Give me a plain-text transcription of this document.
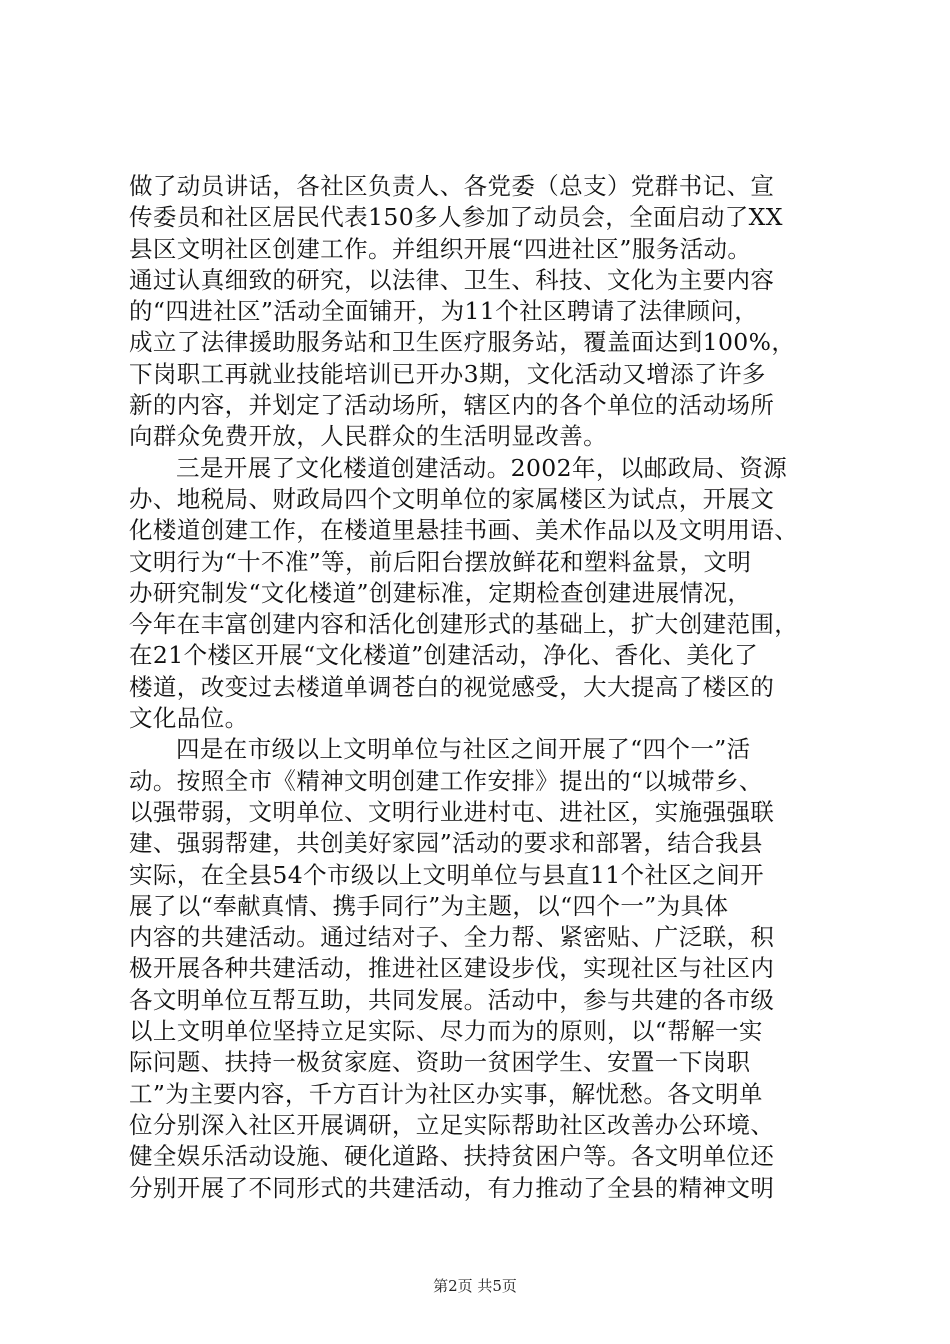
做了动员讲话，各社区负责人、各党委（总支）党群书记、宣
传委员和社区居民代表150多人参加了动员会，全面启动了XX
县区文明社区创建工作。并组织开展“四进社区”服务活动。
通过认真细致的研究，以法律、卫生、科技、文化为主要内容
的“四进社区”活动全面铺开，为11个社区聘请了法律顾问，
成立了法律援助服务站和卫生医疗服务站，覆盖面达到100%，
下岗职工再就业技能培训已开办3期，文化活动又增添了许多
新的内容，并划定了活动场所，辖区内的各个单位的活动场所
向群众免费开放，人民群众的生活明显改善。
三是开展了文化楼道创建活动。2002年，以邮政局、资源
办、地税局、财政局四个文明单位的家属楼区为试点，开展文
化楼道创建工作，在楼道里悬挂书画、美术作品以及文明用语、
文明行为“十不准”等，前后阳台摆放鲜花和塑料盆景，文明
办研究制发“文化楼道”创建标准，定期检查创建进展情况，
今年在丰富创建内容和活化创建形式的基础上，扩大创建范围，
在21个楼区开展“文化楼道”创建活动，净化、香化、美化了
楼道，改变过去楼道单调苍白的视觉感受，大大提高了楼区的
文化品位。
四是在市级以上文明单位与社区之间开展了“四个一”活
动。按照全市《精神文明创建工作安排》提出的“以城带乡、
以强带弱，文明单位、文明行业进村屯、进社区，实施强强联
建、强弱帮建，共创美好家园”活动的要求和部署，结合我县
实际，在全县54个市级以上文明单位与县直11个社区之间开
展了以“奉献真情、携手同行”为主题，以“四个一”为具体
内容的共建活动。通过结对子、全力帮、紧密贴、广泛联，积
极开展各种共建活动，推进社区建设步伐，实现社区与社区内
各文明单位互帮互助，共同发展。活动中，参与共建的各市级
以上文明单位坚持立足实际、尽力而为的原则，以“帮解一实
际问题、扶持一极贫家庭、资助一贫困学生、安置一下岗职
工”为主要内容，千方百计为社区办实事，解忧愁。各文明单
位分别深入社区开展调研，立足实际帮助社区改善办公环境、
健全娱乐活动设施、硬化道路、扶持贫困户等。各文明单位还
分别开展了不同形式的共建活动，有力推动了全县的精神文明
第2页 共5页
